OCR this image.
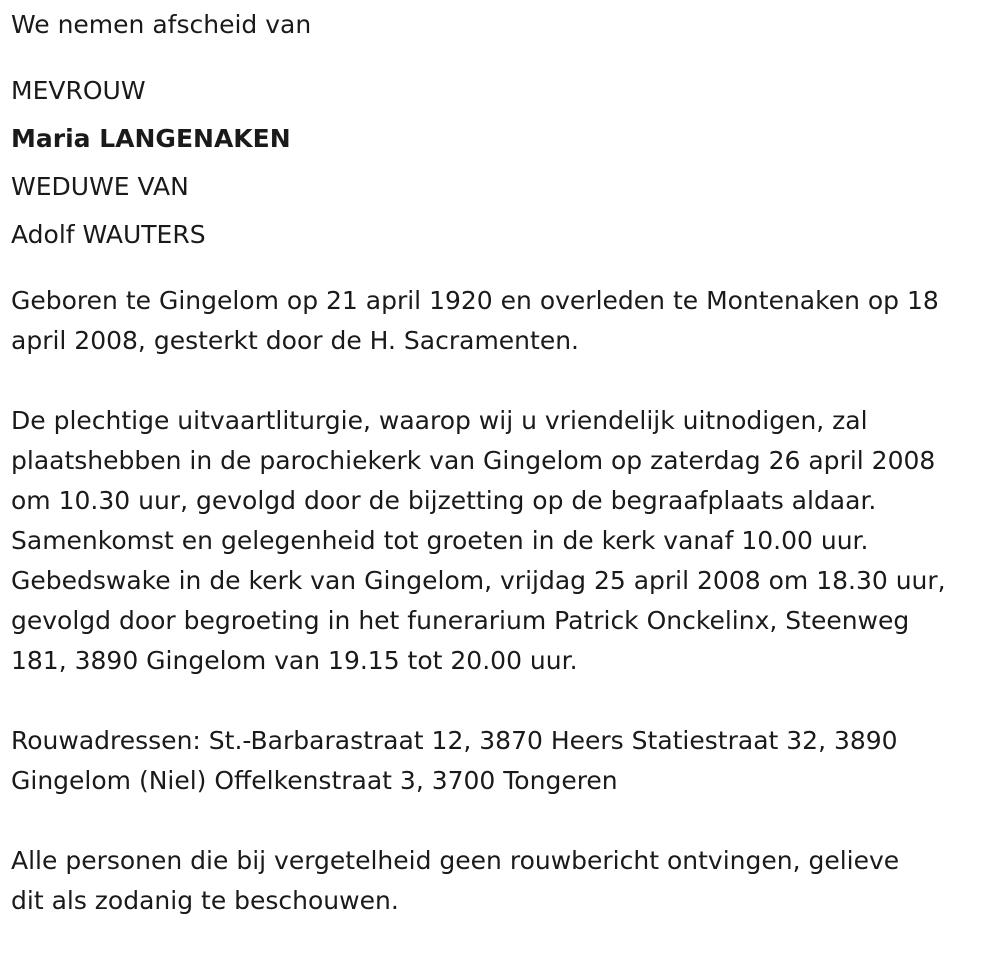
We nemen afscheid van

MEVROUW

Maria LANGENAKEN

WEDUWE VAN

Adolf WAUTERS

Geboren te Gingelom op 21 april 1920 en overleden te Montenaken op 18

april 2008, gesterkt door de H. Sacramenten.

De plechtige uitvaartliturgie, waarop wij u vriendelijk uitnodigen, zal

plaatshebben in de parochiekerk van Gingelom op zaterdag 26 april 2008

om 10.30 uur, gevolgd door de bijzetting op de begraafplaats aldaar.

Samenkomst en gelegenheid tot groeten in de kerk vanaf 10.00 uur.

Gebedswake in de kerk van Gingelom, vrijdag 25 april 2008 om 18.30 uur,

gevolgd door begroeting in het funerarium Patrick Onckelinx, Steenweg

181, 3890 Gingelom van 19.15 tot 20.00 uur.

Rouwadressen: St.-Barbarastraat 12, 3870 Heers Statiestraat 32, 3890

Gingelom (Niel) Offelkenstraat 3, 3700 Tongeren

Alle personen die bij vergetelheid geen rouwbericht ontvingen, gelieve

dit als zodanig te beschouwen.
